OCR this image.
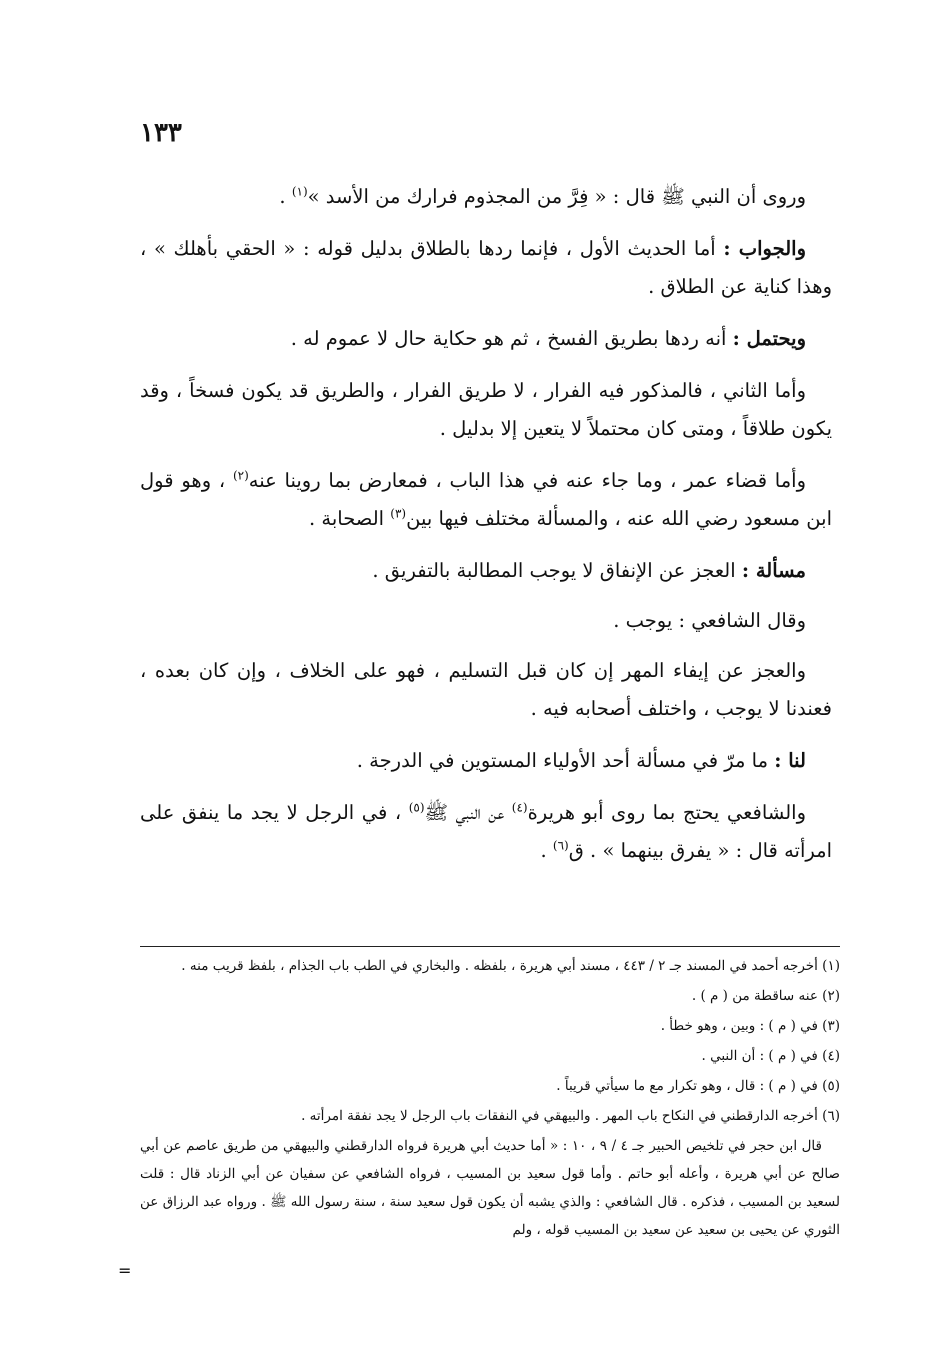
١٣٣

وروى أن النبي ﷺ قال : « فِرَّ من المجذوم فرارك من الأسد »$^{(١)}$ .

والجواب : أما الحديث الأول ، فإنما ردها بالطلاق بدليل قوله : « الحقي بأهلك » ، وهذا كناية عن الطلاق .

ويحتمل : أنه ردها بطريق الفسخ ، ثم هو حكاية حال لا عموم له .

وأما الثاني ، فالمذكور فيه الفرار ، لا طريق الفرار ، والطريق قد يكون فسخاً ، وقد يكون طلاقاً ، ومتى كان محتملاً لا يتعين إلا بدليل .

وأما قضاء عمر ، وما جاء عنه في هذا الباب ، فمعارض بما روينا عنه$^{(٢)}$ ، وهو قول ابن مسعود رضي الله عنه ، والمسألة مختلف فيها بين$^{(٣)}$ الصحابة .

مسألة : العجز عن الإنفاق لا يوجب المطالبة بالتفريق .

وقال الشافعي : يوجب .

والعجز عن إيفاء المهر إن كان قبل التسليم ، فهو على الخلاف ، وإن كان بعده ، فعندنا لا يوجب ، واختلف أصحابه فيه .

لنا : ما مرّ في مسألة أحد الأولياء المستوين في الدرجة .

والشافعي يحتج بما روى أبو هريرة$^{(٤)}$ عن النبي ﷺ$^{(٥)}$ ، في الرجل لا يجد ما ينفق على امرأته قال : « يفرق بينهما » . ق$^{(٦)}$ .

(١) أخرجه أحمد في المسند جـ ٢ / ٤٤٣ ، مسند أبي هريرة ، بلفظه . والبخاري في الطب باب الجذام ، بلفظ قريب منه .

(٢) عنه ساقطة من ( م ) .

(٣) في ( م ) : وبين ، وهو خطأ .

(٤) في ( م ) : أن النبي .

(٥) في ( م ) : قال ، وهو تكرار مع ما سيأتي قريباً .

(٦) أخرجه الدارقطني في النكاح باب المهر . والبيهقي في النفقات باب الرجل لا يجد نفقة امرأته .

قال ابن حجر في تلخيص الحبير جـ ٤ / ٩ ، ١٠ : « أما حديث أبي هريرة فرواه الدارقطني والبيهقي من طريق عاصم عن أبي صالح عن أبي هريرة ، وأعله أبو حاتم . وأما قول سعيد بن المسيب ، فرواه الشافعي عن سفيان عن أبي الزناد قال : قلت لسعيد بن المسيب ، فذكره . قال الشافعي : والذي يشبه أن يكون قول سعيد سنة ، سنة رسول الله ﷺ . ورواه عبد الرزاق عن الثوري عن يحيى بن سعيد عن سعيد بن المسيب قوله ، ولم

=
